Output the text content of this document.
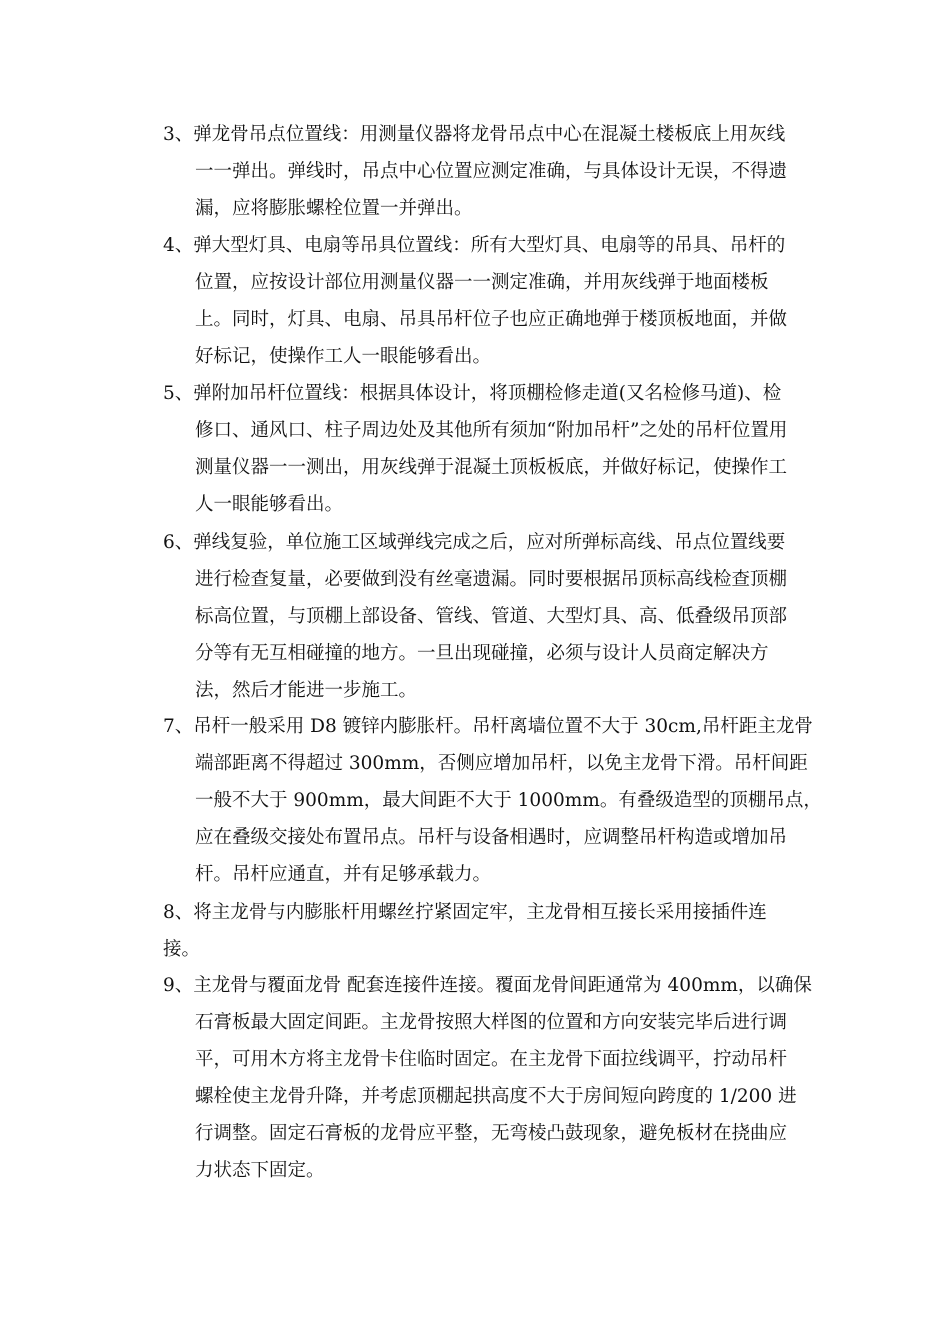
3、弹龙骨吊点位置线：用测量仪器将龙骨吊点中心在混凝土楼板底上用灰线
一一弹出。弹线时，吊点中心位置应测定准确，与具体设计无误，不得遗
漏，应将膨胀螺栓位置一并弹出。
4、弹大型灯具、电扇等吊具位置线：所有大型灯具、电扇等的吊具、吊杆的
位置，应按设计部位用测量仪器一一测定准确，并用灰线弹于地面楼板
上。同时，灯具、电扇、吊具吊杆位子也应正确地弹于楼顶板地面，并做
好标记，使操作工人一眼能够看出。
5、弹附加吊杆位置线：根据具体设计，将顶棚检修走道(又名检修马道)、检
修口、通风口、柱子周边处及其他所有须加“附加吊杆”之处的吊杆位置用
测量仪器一一测出，用灰线弹于混凝土顶板板底，并做好标记，使操作工
人一眼能够看出。
6、弹线复验，单位施工区域弹线完成之后，应对所弹标高线、吊点位置线要
进行检查复量，必要做到没有丝毫遗漏。同时要根据吊顶标高线检查顶棚
标高位置，与顶棚上部设备、管线、管道、大型灯具、高、低叠级吊顶部
分等有无互相碰撞的地方。一旦出现碰撞，必须与设计人员商定解决方
法，然后才能进一步施工。
7、吊杆一般采用 D8 镀锌内膨胀杆。吊杆离墙位置不大于 30cm,吊杆距主龙骨
端部距离不得超过 300mm，否侧应增加吊杆，以免主龙骨下滑。吊杆间距
一般不大于 900mm，最大间距不大于 1000mm。有叠级造型的顶棚吊点，
应在叠级交接处布置吊点。吊杆与设备相遇时，应调整吊杆构造或增加吊
杆。吊杆应通直，并有足够承载力。
8、将主龙骨与内膨胀杆用螺丝拧紧固定牢，主龙骨相互接长采用接插件连
接。
9、主龙骨与覆面龙骨 配套连接件连接。覆面龙骨间距通常为 400mm，以确保
石膏板最大固定间距。主龙骨按照大样图的位置和方向安装完毕后进行调
平，可用木方将主龙骨卡住临时固定。在主龙骨下面拉线调平，拧动吊杆
螺栓使主龙骨升降，并考虑顶棚起拱高度不大于房间短向跨度的 1/200 进
行调整。固定石膏板的龙骨应平整，无弯棱凸鼓现象，避免板材在挠曲应
力状态下固定。
